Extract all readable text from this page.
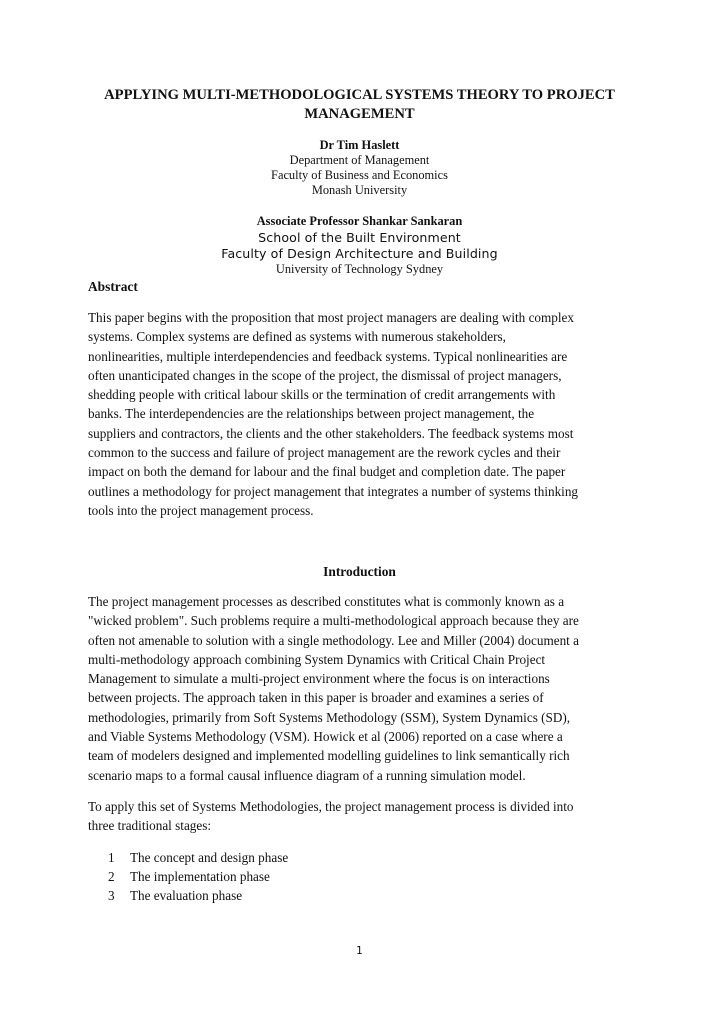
APPLYING MULTI-METHODOLOGICAL SYSTEMS THEORY TO PROJECT
MANAGEMENT

Dr Tim Haslett

Department of Management

Faculty of Business and Economics

Monash University

Associate Professor Shankar Sankaran

School of the Built Environment

Faculty of Design Architecture and Building

University of Technology Sydney

Abstract

This paper begins with the proposition that most project managers are dealing with complex
systems. Complex systems are defined as systems with numerous stakeholders,
nonlinearities, multiple interdependencies and feedback systems. Typical nonlinearities are
often unanticipated changes in the scope of the project, the dismissal of project managers,
shedding people with critical labour skills or the termination of credit arrangements with
banks. The interdependencies are the relationships between project management, the
suppliers and contractors, the clients and the other stakeholders. The feedback systems most
common to the success and failure of project management are the rework cycles and their
impact on both the demand for labour and the final budget and completion date. The paper
outlines a methodology for project management that integrates a number of systems thinking
tools into the project management process.

Introduction

The project management processes as described constitutes what is commonly known as a
"wicked problem". Such problems require a multi-methodological approach because they are
often not amenable to solution with a single methodology. Lee and Miller (2004) document a
multi-methodology approach combining System Dynamics with Critical Chain Project
Management to simulate a multi-project environment where the focus is on interactions
between projects. The approach taken in this paper is broader and examines a series of
methodologies, primarily from Soft Systems Methodology (SSM), System Dynamics (SD),
and Viable Systems Methodology (VSM). Howick et al (2006) reported on a case where a
team of modelers designed and implemented modelling guidelines to link semantically rich
scenario maps to a formal causal influence diagram of a running simulation model.

To apply this set of Systems Methodologies, the project management process is divided into
three traditional stages:

1	The concept and design phase
2	The implementation phase
3	The evaluation phase
1
